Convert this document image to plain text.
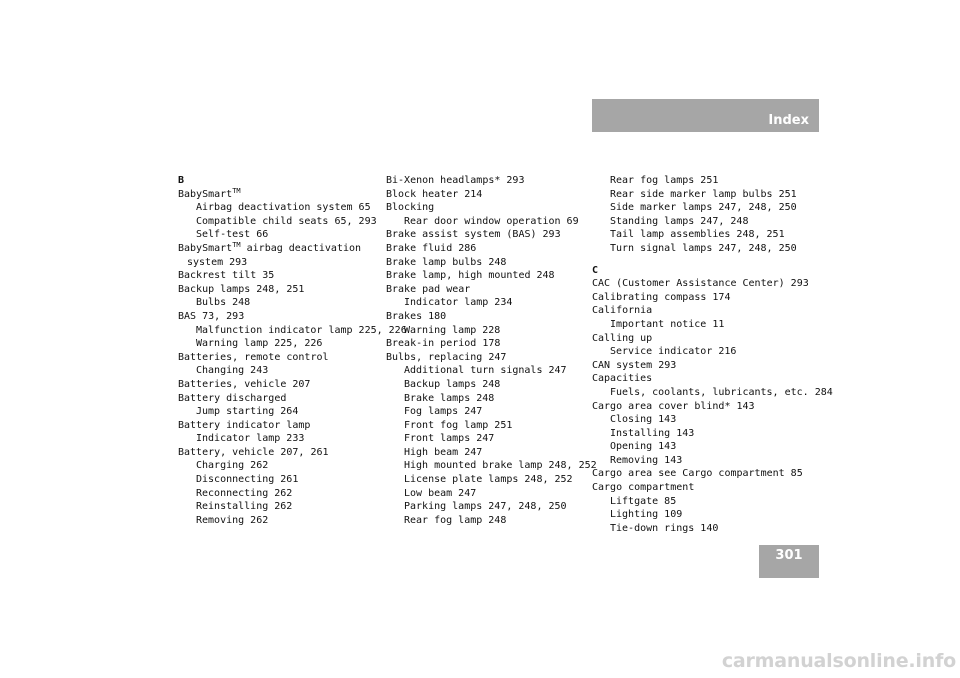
Index
B
BabySmart™
Airbag deactivation system 65
Compatible child seats 65, 293
Self-test 66
BabySmart™ airbag deactivation
system 293
Backrest tilt 35
Backup lamps 248, 251
Bulbs 248
BAS 73, 293
Malfunction indicator lamp 225, 226
Warning lamp 225, 226
Batteries, remote control
Changing 243
Batteries, vehicle 207
Battery discharged
Jump starting 264
Battery indicator lamp
Indicator lamp 233
Battery, vehicle 207, 261
Charging 262
Disconnecting 261
Reconnecting 262
Reinstalling 262
Removing 262
Bi-Xenon headlamps* 293
Block heater 214
Blocking
Rear door window operation 69
Brake assist system (BAS) 293
Brake fluid 286
Brake lamp bulbs 248
Brake lamp, high mounted 248
Brake pad wear
Indicator lamp 234
Brakes 180
Warning lamp 228
Break-in period 178
Bulbs, replacing 247
Additional turn signals 247
Backup lamps 248
Brake lamps 248
Fog lamps 247
Front fog lamp 251
Front lamps 247
High beam 247
High mounted brake lamp 248, 252
License plate lamps 248, 252
Low beam 247
Parking lamps 247, 248, 250
Rear fog lamp 248
Rear fog lamps 251
Rear side marker lamp bulbs 251
Side marker lamps 247, 248, 250
Standing lamps 247, 248
Tail lamp assemblies 248, 251
Turn signal lamps 247, 248, 250
C
CAC (Customer Assistance Center) 293
Calibrating compass 174
California
Important notice 11
Calling up
Service indicator 216
CAN system 293
Capacities
Fuels, coolants, lubricants, etc. 284
Cargo area cover blind* 143
Closing 143
Installing 143
Opening 143
Removing 143
Cargo area see Cargo compartment 85
Cargo compartment
Liftgate 85
Lighting 109
Tie-down rings 140
301
carmanualsonline.info
